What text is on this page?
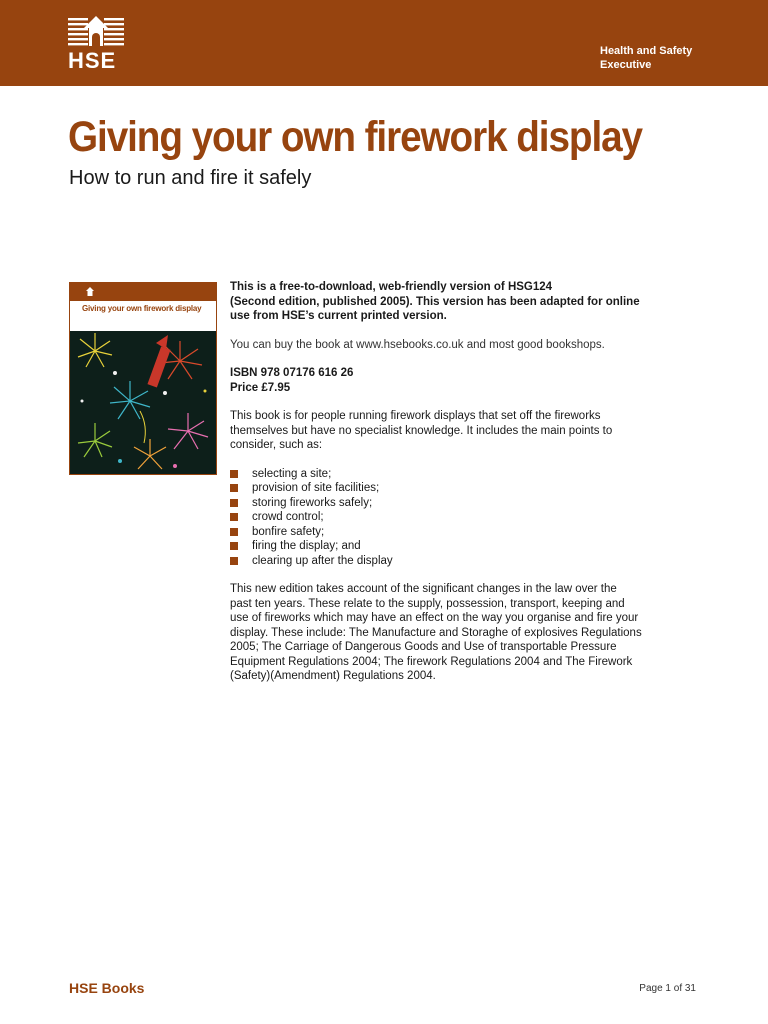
HSE	Health and Safety
Executive
Giving your own firework display
How to run and fire it safely
Giving your own firework display

This is a free-to-download, web-friendly version of HSG124
(Second edition, published 2005). This version has been adapted for online
use from HSE’s current printed version.

You can buy the book at www.hsebooks.co.uk and most good bookshops.

ISBN 978 07176 616 26
Price £7.95

This book is for people running firework displays that set off the fireworks
themselves but have no specialist knowledge. It includes the main points to
consider, such as:

selecting a site;
provision of site facilities;
storing fireworks safely;
crowd control;
bonfire safety;
firing the display; and
clearing up after the display

This new edition takes account of the significant changes in the law over the
past ten years. These relate to the supply, possession, transport, keeping and
use of fireworks which may have an effect on the way you organise and fire your
display. These include: The Manufacture and Storaghe of explosives Regulations
2005; The Carriage of Dangerous Goods and Use of transportable Pressure
Equipment Regulations 2004; The firework Regulations 2004 and The Firework
(Safety)(Amendment) Regulations 2004.

HSE Books	Page 1 of 31
